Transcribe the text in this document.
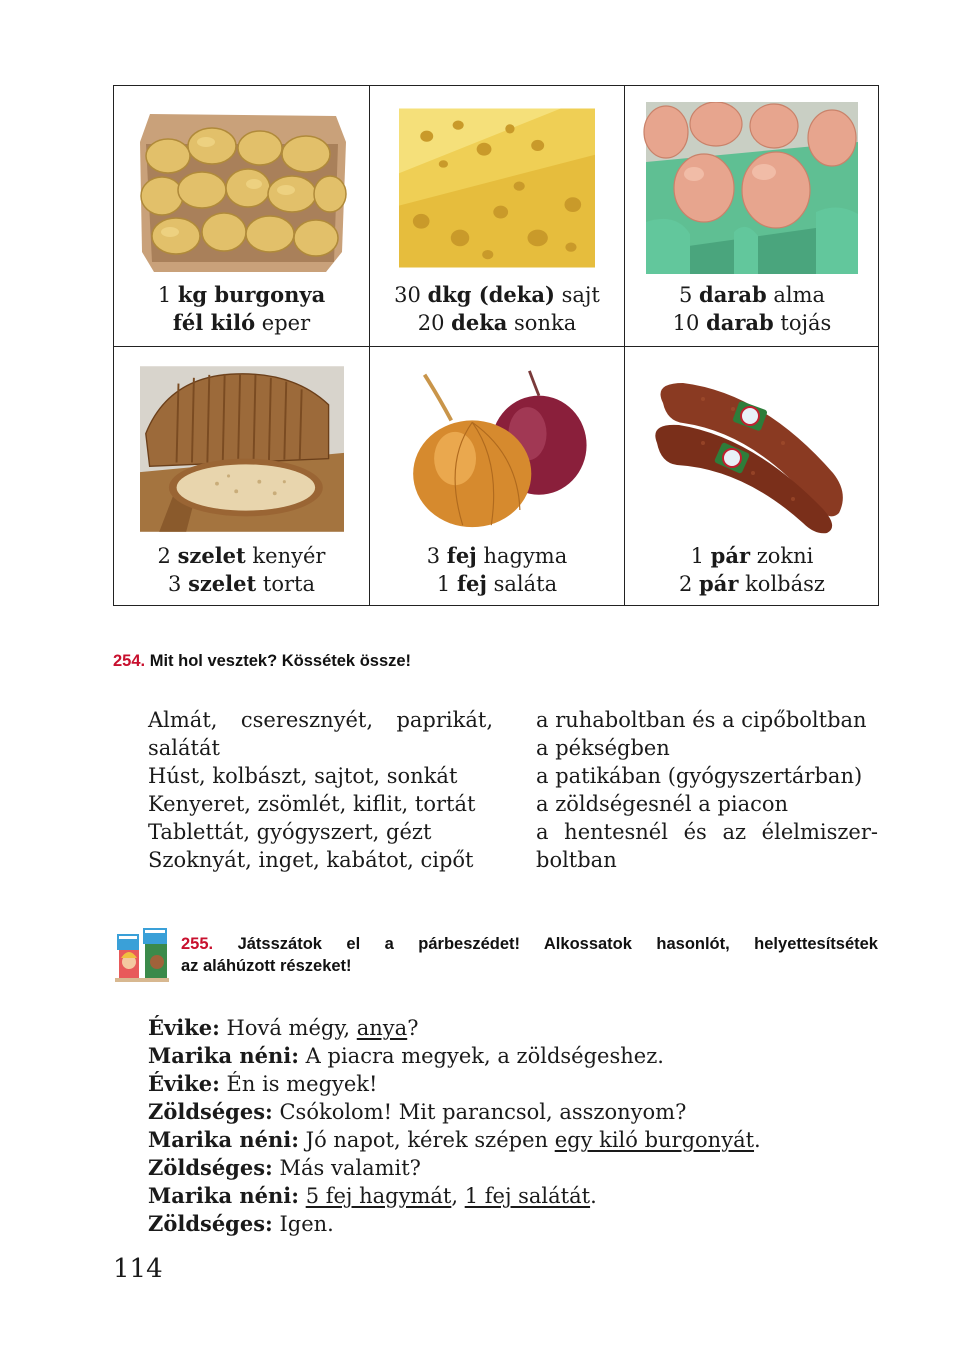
1 kg burgonya
fél kiló eper
30 dkg (deka) sajt
20 deka sonka
5 darab alma
10 darab tojás
2 szelet kenyér
3 szelet torta
3 fej hagyma
1 fej saláta
1 pár zokni
2 pár kolbász
254. Mit hol vesztek? Kössétek össze!
Almát, cseresznyét, paprikát,
salátát
Húst, kolbászt, sajtot, sonkát
Kenyeret, zsömlét, kiflit, tortát
Tablettát, gyógyszert, gézt
Szoknyát, inget, kabátot, cipőt
a ruhaboltban és a cipőboltban
a pékségben
a patikában (gyógyszertárban)
a zöldségesnél a piacon
a hentesnél és az élelmiszer-
boltban
255. Játsszátok el a párbeszédet! Alkossatok hasonlót, helyettesítsétek
az aláhúzott részeket!
Évike: Hová mégy, anya?
Marika néni: A piacra megyek, a zöldségeshez.
Évike: Én is megyek!
Zöldséges: Csókolom! Mit parancsol, asszonyom?
Marika néni: Jó napot, kérek szépen egy kiló burgonyát.
Zöldséges: Más valamit?
Marika néni: 5 fej hagymát, 1 fej salátát.
Zöldséges: Igen.
114
